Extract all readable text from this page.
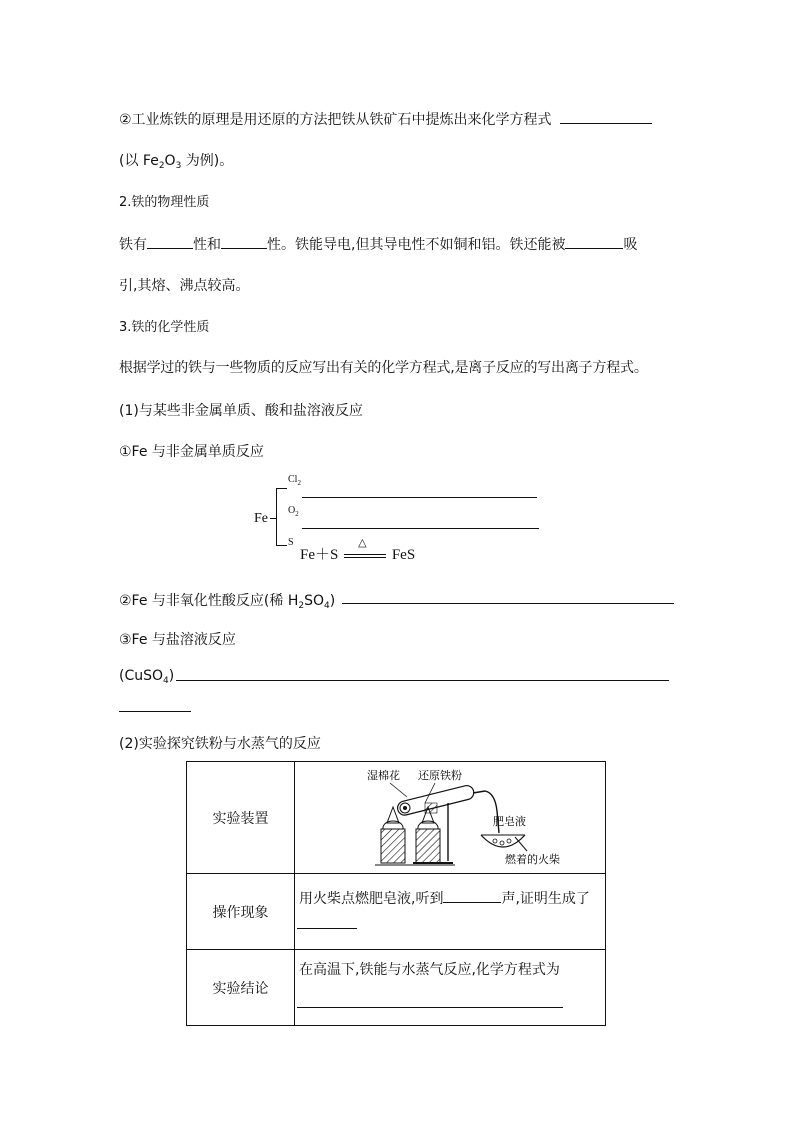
②工业炼铁的原理是用还原的方法把铁从铁矿石中提炼出来化学方程式
(以 $Fe_2O_3$ 为例)。
2.铁的物理性质
铁有	性和	性。铁能导电,但其导电性不如铜和铝。铁还能被	吸
引,其熔、沸点较高。
3.铁的化学性质
根据学过的铁与一些物质的反应写出有关的化学方程式,是离子反应的写出离子方程式。
(1)与某些非金属单质、酸和盐溶液反应
①Fe 与非金属单质反应
Fe
$Cl_2$
$O_2$
S
Fe＋S
△
FeS
②Fe 与非氧化性酸反应(稀 $H_2SO_4$)
③Fe 与盐溶液反应
(CuSO$_4$)
(2)实验探究铁粉与水蒸气的反应
实验装置	湿棉花 还原铁粉
肥皂液
燃着的火柴

操作现象	用火柴点燃肥皂液,听到 声,证明生成了

实验结论	在高温下,铁能与水蒸气反应,化学方程式为
